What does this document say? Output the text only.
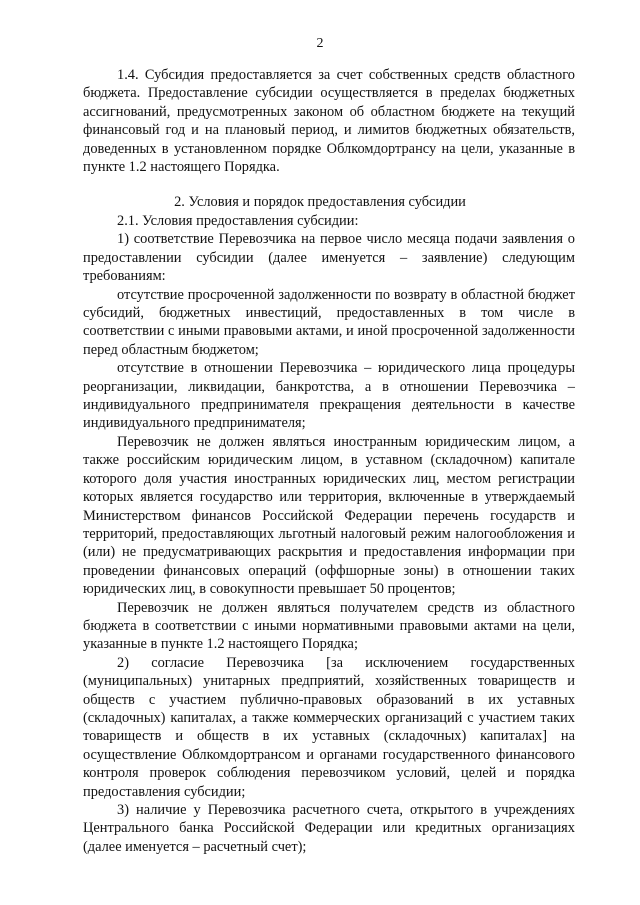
2

1.4. Субсидия предоставляется за счет собственных средств областного бюджета. Предоставление субсидии осуществляется в пределах бюджетных ассигнований, предусмотренных законом об областном бюджете на текущий финансовый год и на плановый период, и лимитов бюджетных обязательств, доведенных в установленном порядке Облкомдортрансу на цели, указанные в пункте 1.2 настоящего Порядка.

2. Условия и порядок предоставления субсидии

2.1. Условия предоставления субсидии:

1) соответствие Перевозчика на первое число месяца подачи заявления о предоставлении субсидии (далее именуется – заявление) следующим требованиям:

отсутствие просроченной задолженности по возврату в областной бюджет субсидий, бюджетных инвестиций, предоставленных в том числе в соответствии с иными правовыми актами, и иной просроченной задолженности перед областным бюджетом;

отсутствие в отношении Перевозчика – юридического лица процедуры реорганизации, ликвидации, банкротства, а в отношении Перевозчика – индивидуального предпринимателя прекращения деятельности в качестве индивидуального предпринимателя;

Перевозчик не должен являться иностранным юридическим лицом, а также российским юридическим лицом, в уставном (складочном) капитале которого доля участия иностранных юридических лиц, местом регистрации которых является государство или территория, включенные в утверждаемый Министерством финансов Российской Федерации перечень государств и территорий, предоставляющих льготный налоговый режим налогообложения и (или) не предусматривающих раскрытия и предоставления информации при проведении финансовых операций (оффшорные зоны) в отношении таких юридических лиц, в совокупности превышает 50 процентов;

Перевозчик не должен являться получателем средств из областного бюджета в соответствии с иными нормативными правовыми актами на цели, указанные в пункте 1.2 настоящего Порядка;

2) согласие Перевозчика [за исключением государственных (муниципальных) унитарных предприятий, хозяйственных товариществ и обществ с участием публично-правовых образований в их уставных (складочных) капиталах, а также коммерческих организаций с участием таких товариществ и обществ в их уставных (складочных) капиталах] на осуществление Облкомдортрансом и органами государственного финансового контроля проверок соблюдения перевозчиком условий, целей и порядка предоставления субсидии;

3) наличие у Перевозчика расчетного счета, открытого в учреждениях Центрального банка Российской Федерации или кредитных организациях (далее именуется – расчетный счет);
